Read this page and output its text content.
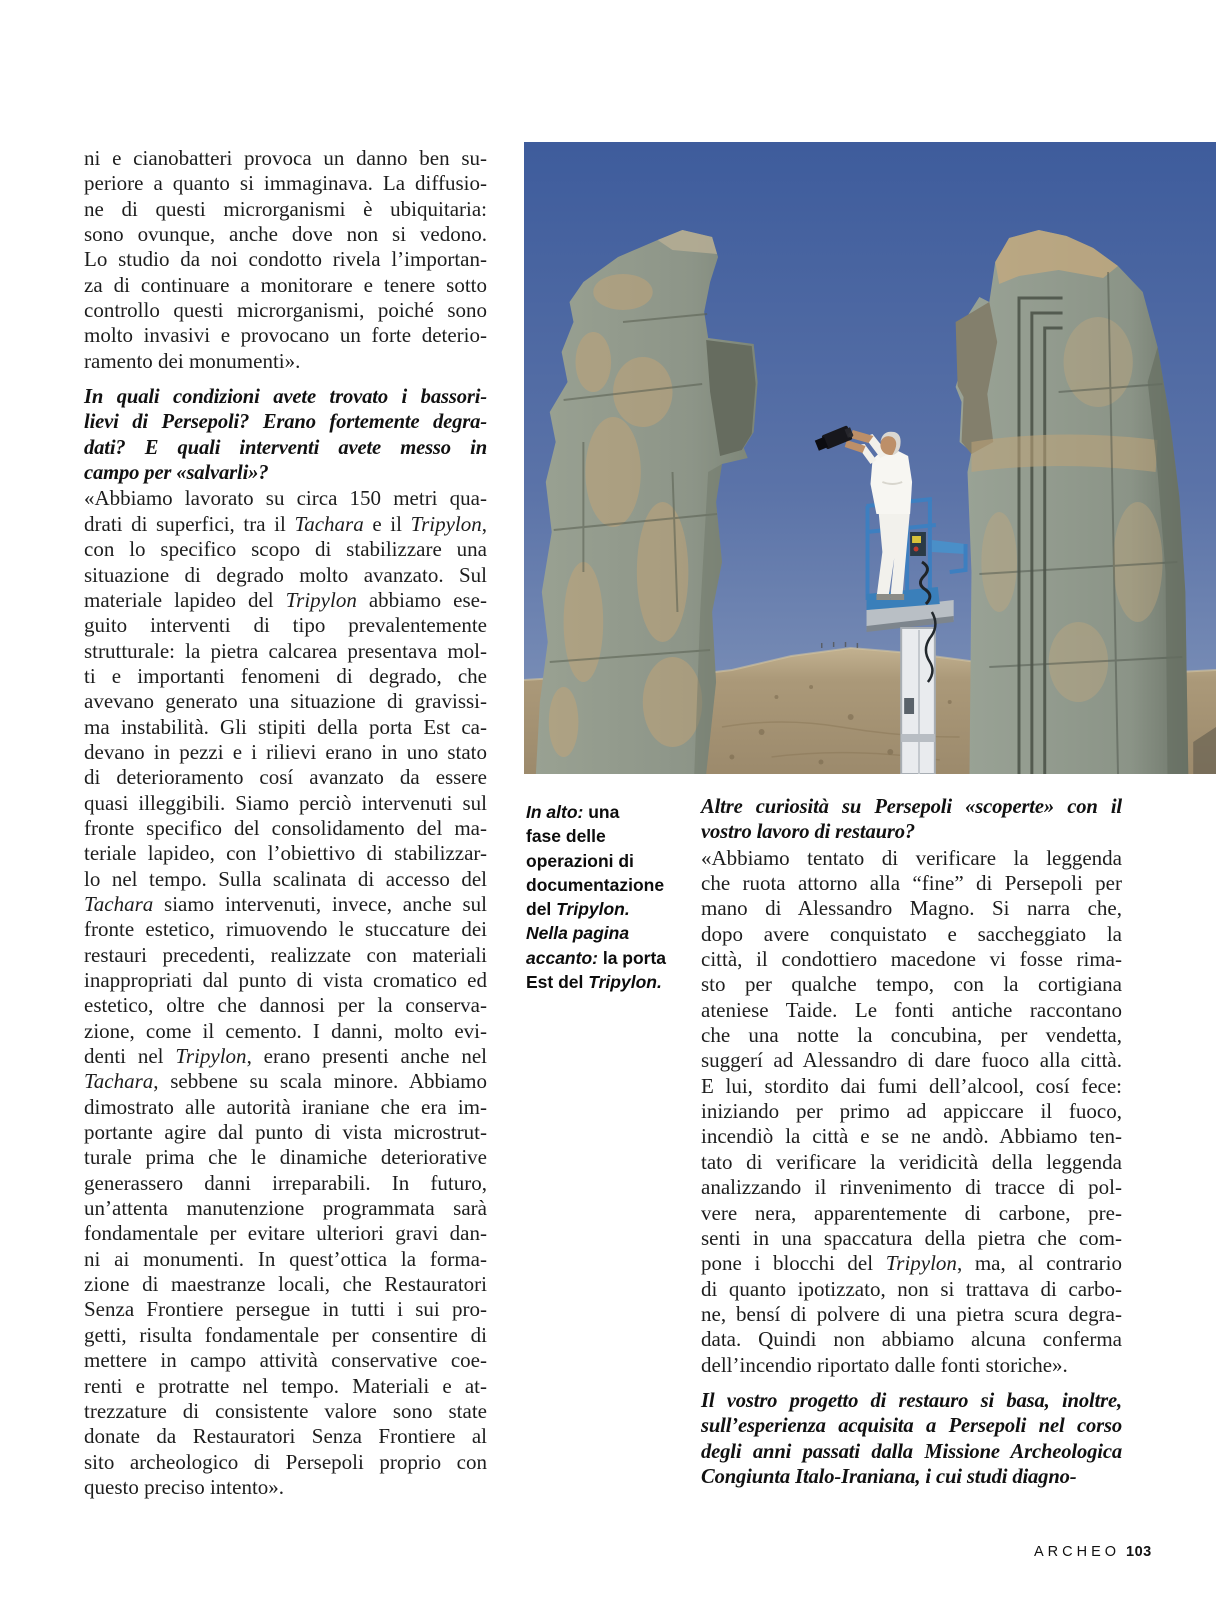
ni e cianobatteri provoca un danno ben su-
periore a quanto si immaginava. La diffusio-
ne di questi microrganismi è ubiquitaria:
sono ovunque, anche dove non si vedono.
Lo studio da noi condotto rivela l’importan-
za di continuare a monitorare e tenere sotto
controllo questi microrganismi, poiché sono
molto invasivi e provocano un forte deterio-
ramento dei monumenti».
In quali condizioni avete trovato i bassori-
lievi di Persepoli? Erano fortemente degra-
dati? E quali interventi avete messo in
campo per «salvarli»?
«Abbiamo lavorato su circa 150 metri qua-
drati di superfici, tra il Tachara e il Tripylon,
con lo specifico scopo di stabilizzare una
situazione di degrado molto avanzato. Sul
materiale lapideo del Tripylon abbiamo ese-
guito interventi di tipo prevalentemente
strutturale: la pietra calcarea presentava mol-
ti e importanti fenomeni di degrado, che
avevano generato una situazione di gravissi-
ma instabilità. Gli stipiti della porta Est ca-
devano in pezzi e i rilievi erano in uno stato
di deterioramento cosí avanzato da essere
quasi illeggibili. Siamo perciò intervenuti sul
fronte specifico del consolidamento del ma-
teriale lapideo, con l’obiettivo di stabilizzar-
lo nel tempo. Sulla scalinata di accesso del
Tachara siamo intervenuti, invece, anche sul
fronte estetico, rimuovendo le stuccature dei
restauri precedenti, realizzate con materiali
inappropriati dal punto di vista cromatico ed
estetico, oltre che dannosi per la conserva-
zione, come il cemento. I danni, molto evi-
denti nel Tripylon, erano presenti anche nel
Tachara, sebbene su scala minore. Abbiamo
dimostrato alle autorità iraniane che era im-
portante agire dal punto di vista microstrut-
turale prima che le dinamiche deteriorative
generassero danni irreparabili. In futuro,
un’attenta manutenzione programmata sarà
fondamentale per evitare ulteriori gravi dan-
ni ai monumenti. In quest’ottica la forma-
zione di maestranze locali, che Restauratori
Senza Frontiere persegue in tutti i sui pro-
getti, risulta fondamentale per consentire di
mettere in campo attività conservative coe-
renti e protratte nel tempo. Materiali e at-
trezzature di consistente valore sono state
donate da Restauratori Senza Frontiere al
sito archeologico di Persepoli proprio con
questo preciso intento».
In alto: una
fase delle
operazioni di
documentazione
del Tripylon.
Nella pagina
accanto: la porta
Est del Tripylon.
Altre curiosità su Persepoli «scoperte» con il
vostro lavoro di restauro?
«Abbiamo tentato di verificare la leggenda
che ruota attorno alla “fine” di Persepoli per
mano di Alessandro Magno. Si narra che,
dopo avere conquistato e saccheggiato la
città, il condottiero macedone vi fosse rima-
sto per qualche tempo, con la cortigiana
ateniese Taide. Le fonti antiche raccontano
che una notte la concubina, per vendetta,
suggerí ad Alessandro di dare fuoco alla città.
E lui, stordito dai fumi dell’alcool, cosí fece:
iniziando per primo ad appiccare il fuoco,
incendiò la città e se ne andò. Abbiamo ten-
tato di verificare la veridicità della leggenda
analizzando il rinvenimento di tracce di pol-
vere nera, apparentemente di carbone, pre-
senti in una spaccatura della pietra che com-
pone i blocchi del Tripylon, ma, al contrario
di quanto ipotizzato, non si trattava di carbo-
ne, bensí di polvere di una pietra scura degra-
data. Quindi non abbiamo alcuna conferma
dell’incendio riportato dalle fonti storiche».
Il vostro progetto di restauro si basa, inoltre,
sull’esperienza acquisita a Persepoli nel corso
degli anni passati dalla Missione Archeologica
Congiunta Italo-Iraniana, i cui studi diagno-
ARCHEO 103
